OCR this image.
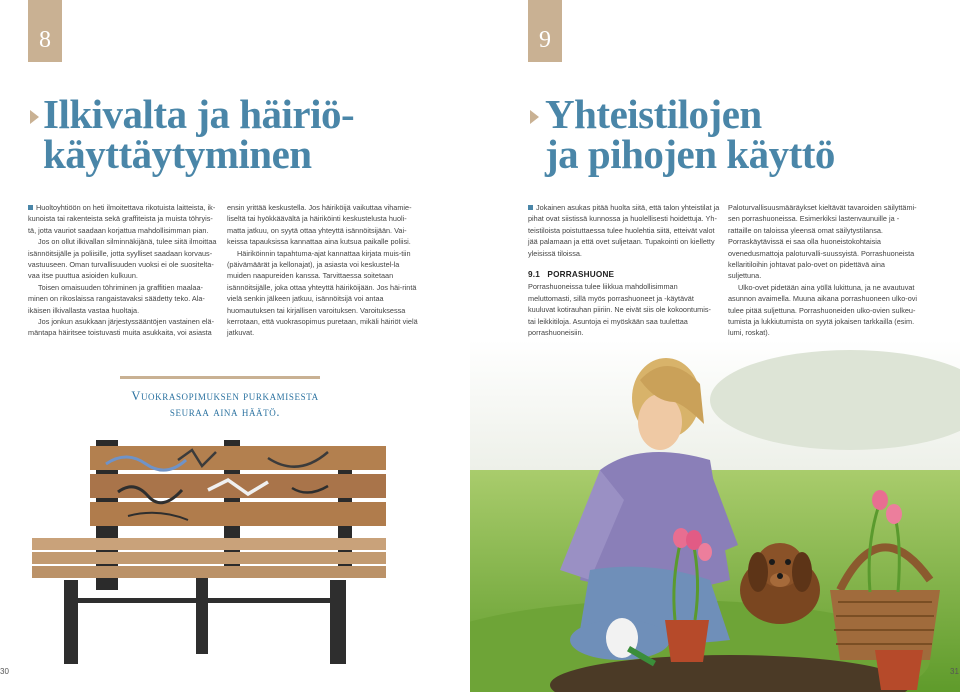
8
Ilkivalta ja häiriö-
käyttäytyminen

Huoltoyhtiöön on heti ilmoitettava rikotuista laitteista, ik-kunoista tai rakenteista sekä graffiteista ja muista töhryis-tä, jotta vauriot saadaan korjattua mahdollisimman pian.

Jos on ollut ilkivallan silminnäkijänä, tulee siitä ilmoittaa isännöitsijälle ja poliisille, jotta syylliset saadaan korvaus-vastuuseen. Oman turvallisuuden vuoksi ei ole suositelta-vaa itse puuttua asioiden kulkuun.

Toisen omaisuuden töhriminen ja graffitien maalaa-minen on rikoslaissa rangaistavaksi säädetty teko. Ala-ikäisen ilkivallasta vastaa huoltaja.

Jos jonkun asukkaan järjestyssääntöjen vastainen elä-mäntapa häiritsee toistuvasti muita asukkaita, voi asiasta

ensin yrittää keskustella. Jos häiriköijä vaikuttaa vihamie-liseltä tai hyökkäävältä ja häiriköinti keskustelusta huoli-matta jatkuu, on syytä ottaa yhteyttä isännöitsijään. Vai-keissa tapauksissa kannattaa aina kutsua paikalle poliisi.

Häiriköinnin tapahtuma-ajat kannattaa kirjata muis-tiin (päivämäärät ja kellonajat), ja asiasta voi keskustel-la muiden naapureiden kanssa. Tarvittaessa soitetaan isännöitsijälle, joka ottaa yhteyttä häiriköijään. Jos häi-rintä vielä senkin jälkeen jatkuu, isännöitsijä voi antaa huomautuksen tai kirjallisen varoituksen. Varoituksessa kerrotaan, että vuokrasopimus puretaan, mikäli häiriöt vielä jatkuvat.

Vuokrasopimuksen purkamisesta
seuraa aina häätö.
30
9
Yhteistilojen
ja pihojen käyttö

Jokainen asukas pitää huolta siitä, että talon yhteistilat ja pihat ovat siistissä kunnossa ja huolellisesti hoidettuja. Yh-teistiloista poistuttaessa tulee huolehtia siitä, etteivät valot jää palamaan ja että ovet suljetaan. Tupakointi on kielletty yleisissä tiloissa.

9.1 PORRASHUONE

Porrashuoneissa tulee liikkua mahdollisimman meluttomasti, sillä myös porrashuoneet ja -käytävät kuuluvat kotirauhan piiriin. Ne eivät siis ole kokoontumis- tai leikkitiloja. Asuntoja ei myöskään saa tuulettaa porrashuoneisiin.

Paloturvallisuusmääräykset kieltävät tavaroiden säilyttämi-sen porrashuoneissa. Esimerkiksi lastenvaunuille ja -rattaille on taloissa yleensä omat säilytystilansa. Porraskäytävissä ei saa olla huoneistokohtaisia ovenedusmattoja paloturvalli-suussyistä. Porrashuoneista kellaritiloihin johtavat palo-ovet on pidettävä aina suljettuna.

Ulko-ovet pidetään aina yöllä lukittuna, ja ne avautuvat asunnon avaimella. Muuna aikana porrashuoneen ulko-ovi tulee pitää suljettuna. Porrashuoneiden ulko-ovien sulkeu-tumista ja lukkiutumista on syytä jokaisen tarkkailla (esim. lumi, roskat).

31
